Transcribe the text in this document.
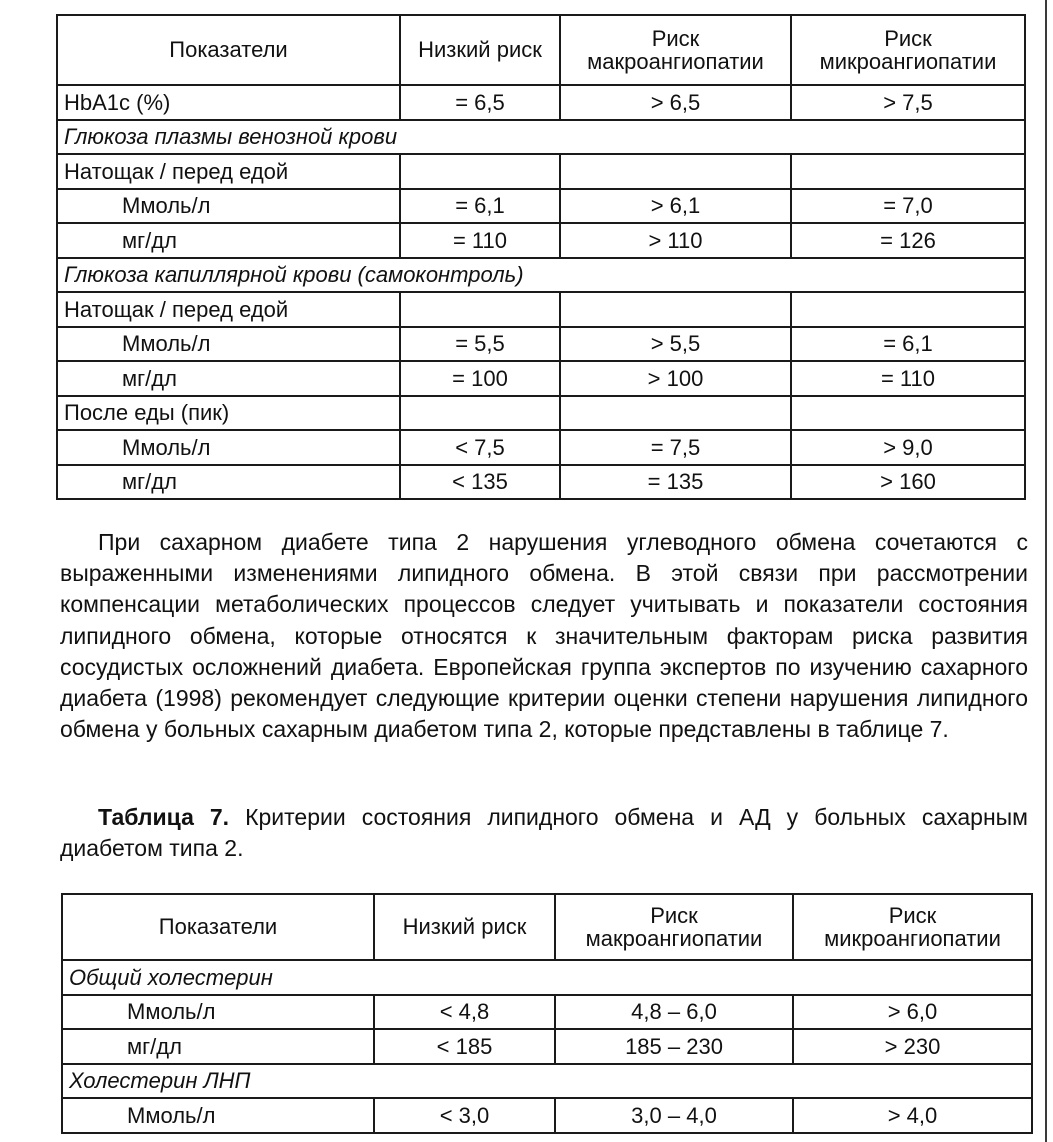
Показатели	Низкий риск	Риск макроангиопатии	Риск микроангиопатии
HbA1c (%)	= 6,5	> 6,5	> 7,5
Глюкоза плазмы венозной крови			
Натощак / перед едой			
Ммоль/л	= 6,1	> 6,1	= 7,0
мг/дл	= 110	> 110	= 126
Глюкоза капиллярной крови (самоконтроль)			
Натощак / перед едой			
Ммоль/л	= 5,5	> 5,5	= 6,1
мг/дл	= 100	> 100	= 110
После еды (пик)			
Ммоль/л	< 7,5	= 7,5	> 9,0
мг/дл	< 135	= 135	> 160

При сахарном диабете типа 2 нарушения углеводного обмена сочетаются с выраженными изменениями липидного обмена. В этой связи при рассмотрении компенсации метаболических процессов следует учитывать и показатели состояния липидного обмена, которые относятся к значительным факторам риска развития сосудистых осложнений диабета. Европейская группа экспертов по изучению сахарного диабета (1998) рекомендует следующие критерии оценки степени нарушения липидного обмена у больных сахарным диабетом типа 2, которые представлены в таблице 7.

Таблица 7. Критерии состояния липидного обмена и АД у больных сахарным диабетом типа 2.

Показатели	Низкий риск	Риск макроангиопатии	Риск микроангиопатии
Общий холестерин			
Ммоль/л	< 4,8	4,8 – 6,0	> 6,0
мг/дл	< 185	185 – 230	> 230
Холестерин ЛНП			
Ммоль/л	< 3,0	3,0 – 4,0	> 4,0
